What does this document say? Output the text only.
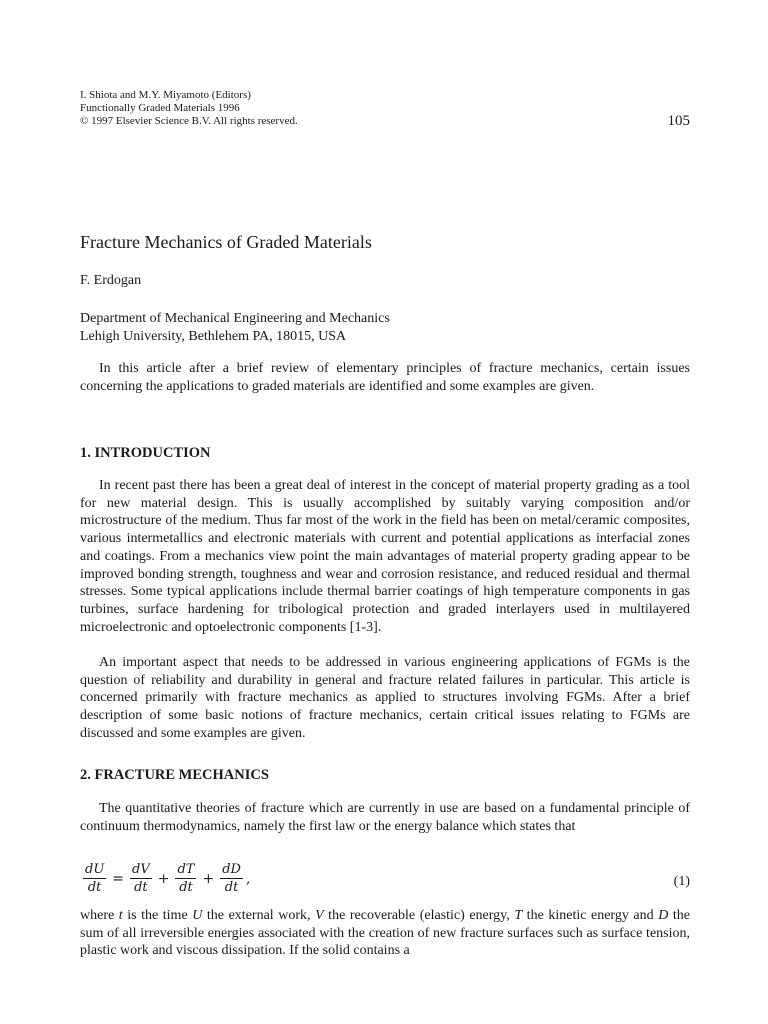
I. Shiota and M.Y. Miyamoto (Editors)
Functionally Graded Materials 1996
© 1997 Elsevier Science B.V. All rights reserved.	105
Fracture Mechanics of Graded Materials
F. Erdogan
Department of Mechanical Engineering and Mechanics
Lehigh University, Bethlehem PA, 18015, USA

In this article after a brief review of elementary principles of fracture mechanics, certain issues concerning the applications to graded materials are identified and some examples are given.

1. INTRODUCTION

In recent past there has been a great deal of interest in the concept of material property grading as a tool for new material design. This is usually accomplished by suitably varying composition and/or microstructure of the medium. Thus far most of the work in the field has been on metal/ceramic composites, various intermetallics and electronic materials with current and potential applications as interfacial zones and coatings. From a mechanics view point the main advantages of material property grading appear to be improved bonding strength, toughness and wear and corrosion resistance, and reduced residual and thermal stresses. Some typical applications include thermal barrier coatings of high temperature components in gas turbines, surface hardening for tribological protection and graded interlayers used in multilayered microelectronic and optoelectronic components [1-3].

An important aspect that needs to be addressed in various engineering applications of FGMs is the question of reliability and durability in general and fracture related failures in particular. This article is concerned primarily with fracture mechanics as applied to structures involving FGMs. After a brief description of some basic notions of fracture mechanics, certain critical issues relating to FGMs are discussed and some examples are given.

2. FRACTURE MECHANICS

The quantitative theories of fracture which are currently in use are based on a fundamental principle of continuum thermodynamics, namely the first law or the energy balance which states that

$\frac{dU}{dt} = \frac{dV}{dt} + \frac{dT}{dt} + \frac{dD}{dt}$ ,	(1)

where t is the time U the external work, V the recoverable (elastic) energy, T the kinetic energy and D the sum of all irreversible energies associated with the creation of new fracture surfaces such as surface tension, plastic work and viscous dissipation. If the solid contains a
